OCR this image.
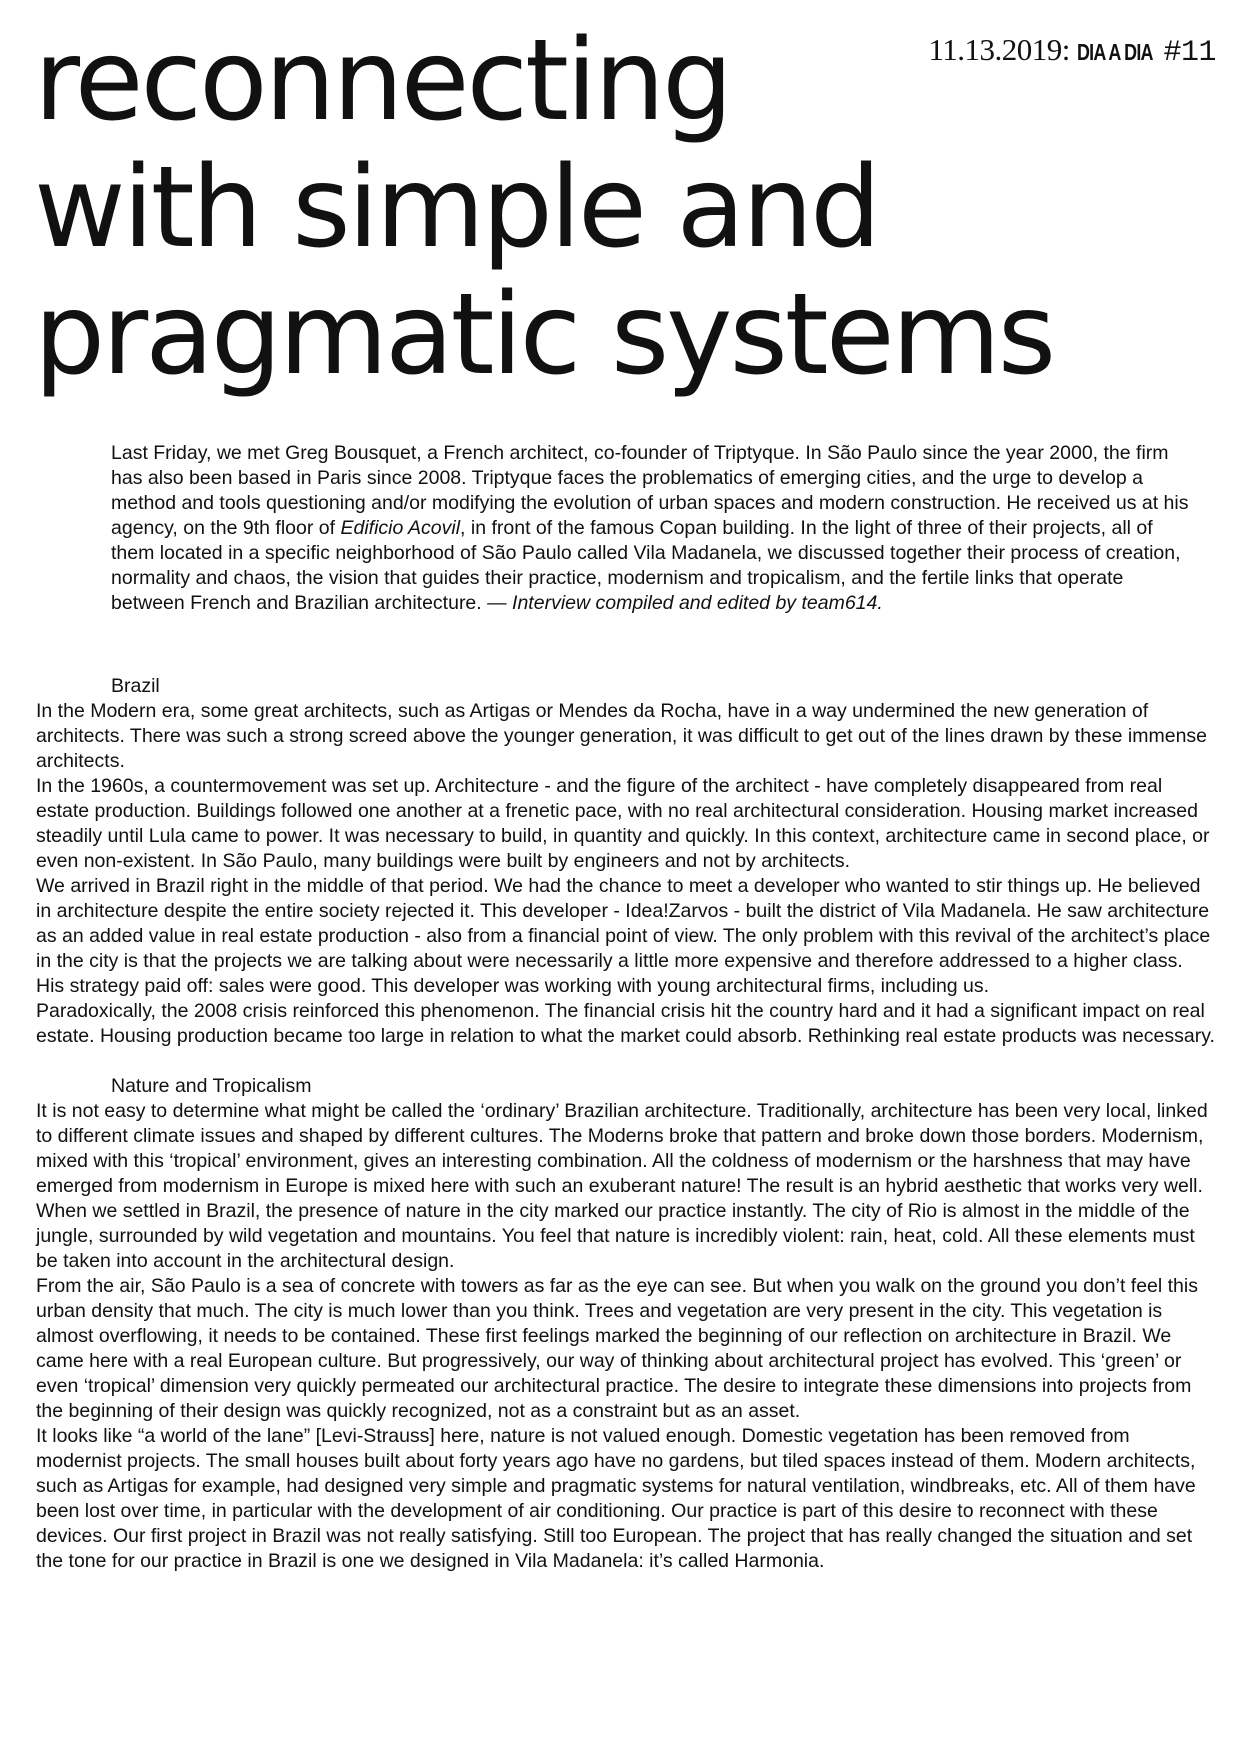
11.13.2019: DIA A DIA #11
reconnecting
with simple and
pragmatic systems

Last Friday, we met Greg Bousquet, a French architect, co-founder of Triptyque. In São Paulo since the year 2000, the firm has also been based in Paris since 2008. Triptyque faces the problematics of emerging cities, and the urge to develop a method and tools questioning and/or modifying the evolution of urban spaces and modern construction. He received us at his agency, on the 9th floor of Edificio Acovil, in front of the famous Copan building. In the light of three of their projects, all of them located in a specific neighborhood of São Paulo called Vila Madanela, we discussed together their process of creation, normality and chaos, the vision that guides their practice, modernism and tropicalism, and the fertile links that operate between French and Brazilian architecture. — Interview compiled and edited by team614.

Brazil

In the Modern era, some great architects, such as Artigas or Mendes da Rocha, have in a way undermined the new generation of architects. There was such a strong screed above the younger generation, it was difficult to get out of the lines drawn by these immense architects.

In the 1960s, a countermovement was set up. Architecture - and the figure of the architect - have completely disappeared from real estate production. Buildings followed one another at a frenetic pace, with no real architectural consideration. Housing market increased steadily until Lula came to power. It was necessary to build, in quantity and quickly. In this context, architecture came in second place, or even non-existent. In São Paulo, many buildings were built by engineers and not by architects.

We arrived in Brazil right in the middle of that period. We had the chance to meet a developer who wanted to stir things up. He believed in architecture despite the entire society rejected it. This developer - Idea!Zarvos - built the district of Vila Madanela. He saw architecture as an added value in real estate production - also from a financial point of view. The only problem with this revival of the architect’s place in the city is that the projects we are talking about were necessarily a little more expensive and therefore addressed to a higher class. His strategy paid off: sales were good. This developer was working with young architectural firms, including us.

Paradoxically, the 2008 crisis reinforced this phenomenon. The financial crisis hit the country hard and it had a significant impact on real estate. Housing production became too large in relation to what the market could absorb. Rethinking real estate products was necessary.

Nature and Tropicalism

It is not easy to determine what might be called the ‘ordinary’ Brazilian architecture. Traditionally, architecture has been very local, linked to different climate issues and shaped by different cultures. The Moderns broke that pattern and broke down those borders. Modernism, mixed with this ‘tropical’ environment, gives an interesting combination. All the coldness of modernism or the harshness that may have emerged from modernism in Europe is mixed here with such an exuberant nature! The result is an hybrid aesthetic that works very well.

When we settled in Brazil, the presence of nature in the city marked our practice instantly. The city of Rio is almost in the middle of the jungle, surrounded by wild vegetation and mountains. You feel that nature is incredibly violent: rain, heat, cold. All these elements must be taken into account in the architectural design.

From the air, São Paulo is a sea of concrete with towers as far as the eye can see. But when you walk on the ground you don’t feel this urban density that much. The city is much lower than you think. Trees and vegetation are very present in the city. This vegetation is almost overflowing, it needs to be contained. These first feelings marked the beginning of our reflection on architecture in Brazil. We came here with a real European culture. But progressively, our way of thinking about architectural project has evolved. This ‘green’ or even ‘tropical’ dimension very quickly permeated our architectural practice. The desire to integrate these dimensions into projects from the beginning of their design was quickly recognized, not as a constraint but as an asset.

It looks like “a world of the lane” [Levi-Strauss] here, nature is not valued enough. Domestic vegetation has been removed from modernist projects. The small houses built about forty years ago have no gardens, but tiled spaces instead of them. Modern architects, such as Artigas for example, had designed very simple and pragmatic systems for natural ventilation, windbreaks, etc. All of them have been lost over time, in particular with the development of air conditioning. Our practice is part of this desire to reconnect with these devices. Our first project in Brazil was not really satisfying. Still too European. The project that has really changed the situation and set the tone for our practice in Brazil is one we designed in Vila Madanela: it’s called Harmonia.
